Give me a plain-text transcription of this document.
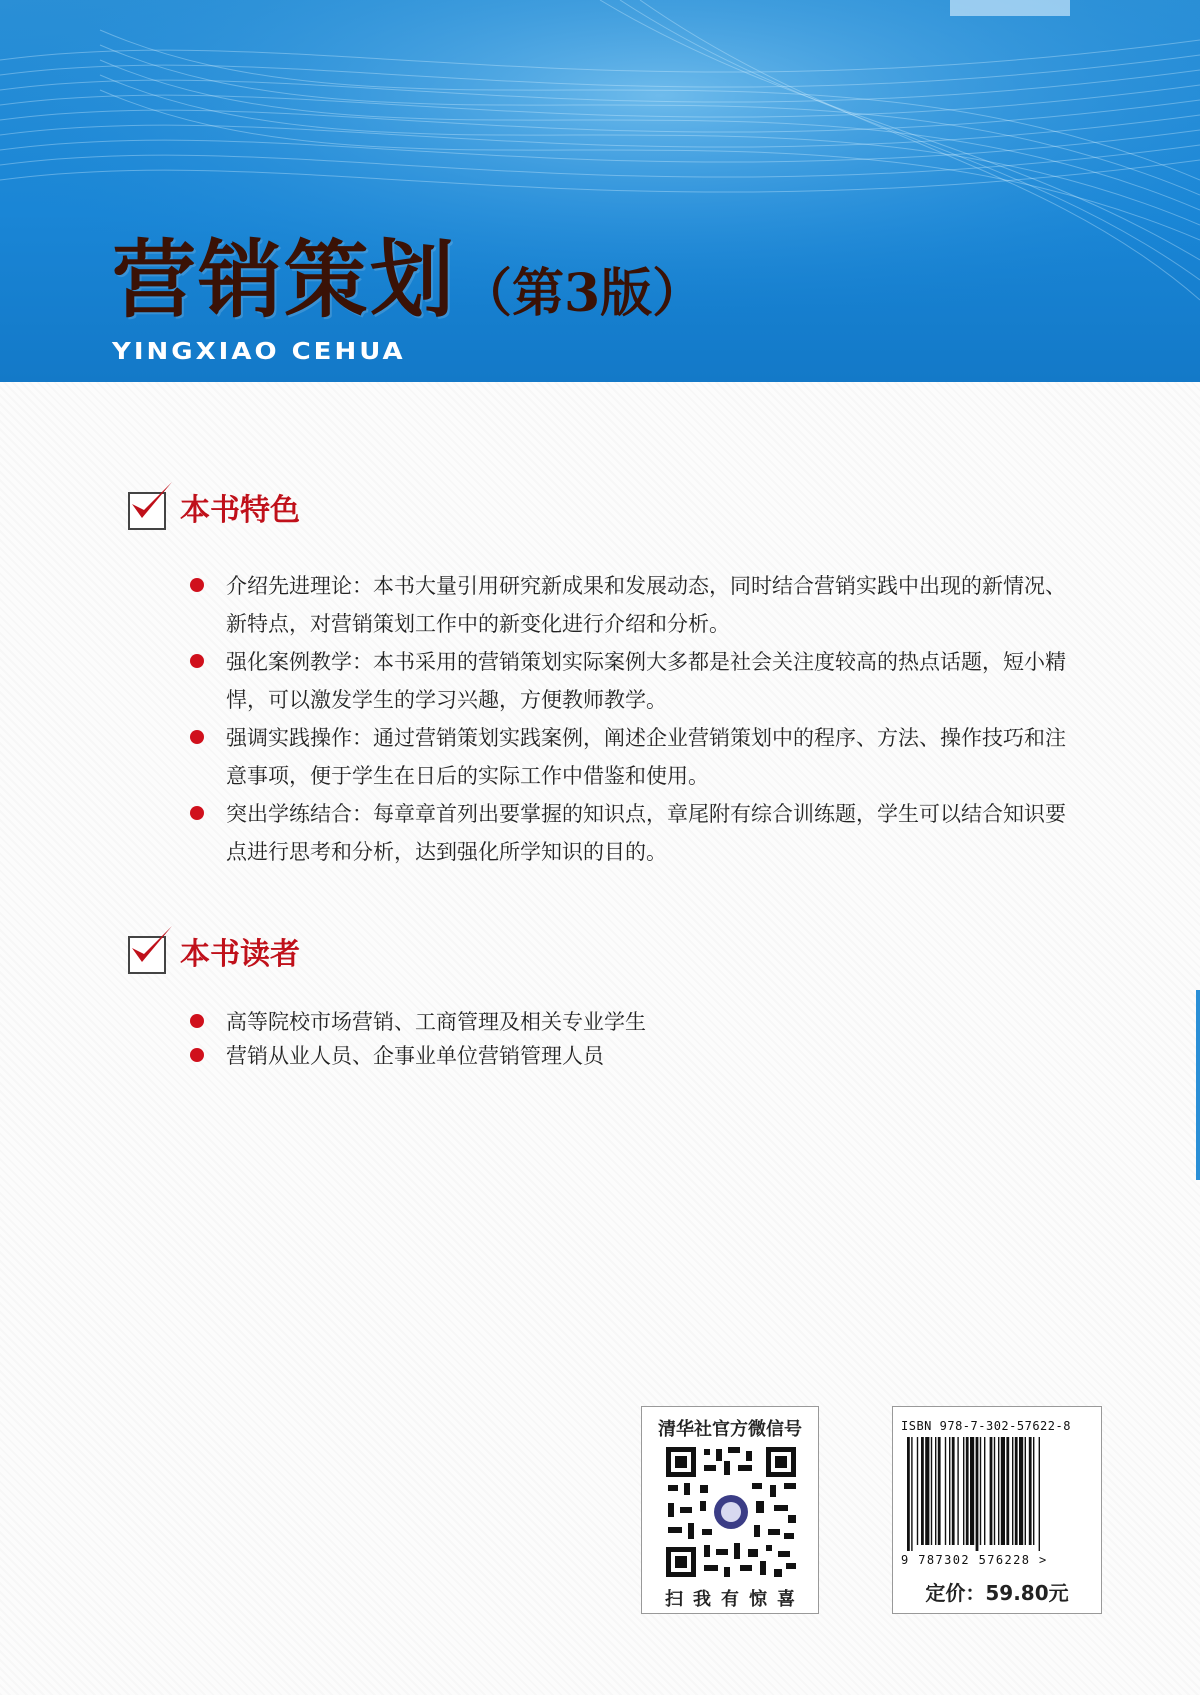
营销策划 （第3版）
YINGXIAO CEHUA
本书特色
介绍先进理论：本书大量引用研究新成果和发展动态，同时结合营销实践中出现的新情况、新特点，对营销策划工作中的新变化进行介绍和分析。
强化案例教学：本书采用的营销策划实际案例大多都是社会关注度较高的热点话题，短小精悍，可以激发学生的学习兴趣，方便教师教学。
强调实践操作：通过营销策划实践案例，阐述企业营销策划中的程序、方法、操作技巧和注意事项，便于学生在日后的实际工作中借鉴和使用。
突出学练结合：每章章首列出要掌握的知识点，章尾附有综合训练题，学生可以结合知识要点进行思考和分析，达到强化所学知识的目的。
本书读者
高等院校市场营销、工商管理及相关专业学生
营销从业人员、企事业单位营销管理人员
清华社官方微信号
扫我有惊喜
ISBN 978-7-302-57622-8
9 787302 576228 >
定价：59.80元
